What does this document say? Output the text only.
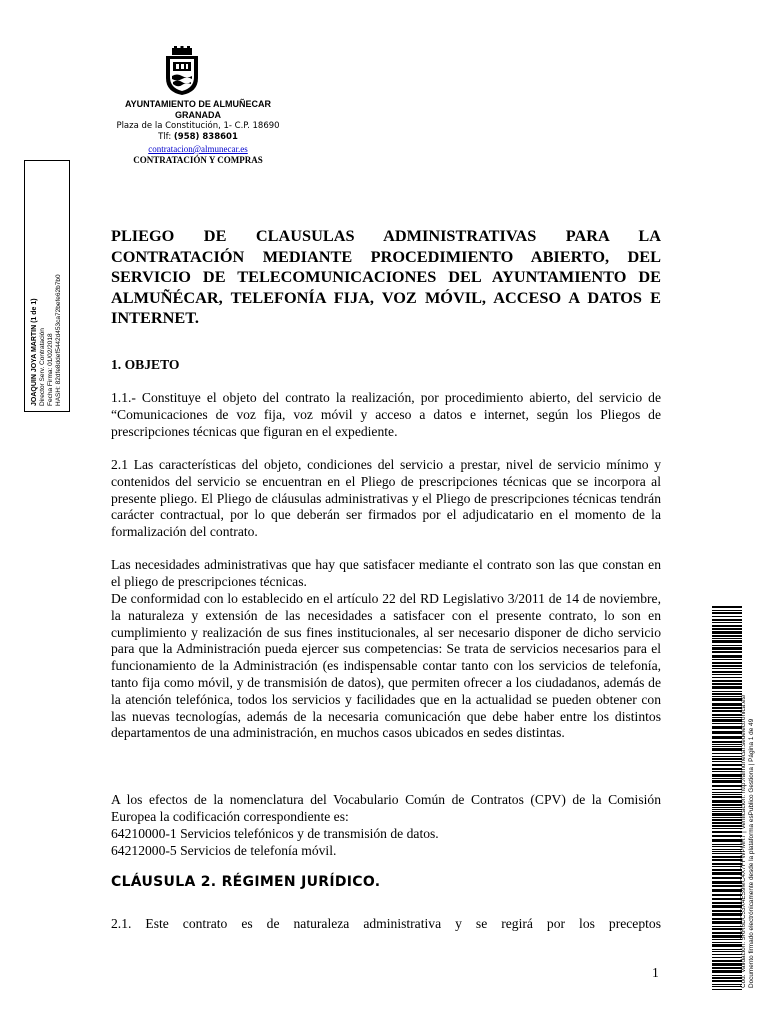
AYUNTAMIENTO DE ALMUÑECAR
GRANADA
Plaza de la Constitución, 1- C.P. 18690
Tlf: (958) 838601
contratacion@almunecar.es
CONTRATACIÓN Y COMPRAS
JOAQUIN JOYA MARTIN (1 de 1) Director Serv. Contratación Fecha Firma: 01/02/2018 HASH: 82dfe8ddef5442d453ca72befe62b7b0
PLIEGO DE CLAUSULAS ADMINISTRATIVAS PARA LA CONTRATACIÓN MEDIANTE PROCEDIMIENTO ABIERTO, DEL SERVICIO DE TELECOMUNICACIONES DEL AYUNTAMIENTO DE ALMUÑÉCAR, TELEFONÍA FIJA, VOZ MÓVIL, ACCESO A DATOS E INTERNET.
1. OBJETO
1.1.- Constituye el objeto del contrato la realización, por procedimiento abierto, del servicio de “Comunicaciones de voz fija, voz móvil y acceso a datos e internet, según los Pliegos de prescripciones técnicas que figuran en el expediente.
2.1 Las características del objeto, condiciones del servicio a prestar, nivel de servicio mínimo y contenidos del servicio se encuentran en el Pliego de prescripciones técnicas que se incorpora al presente pliego. El Pliego de cláusulas administrativas y el Pliego de prescripciones técnicas tendrán carácter contractual, por lo que deberán ser firmados por el adjudicatario en el momento de la formalización del contrato.
Las necesidades administrativas que hay que satisfacer mediante el contrato son las que constan en el pliego de prescripciones técnicas.
De conformidad con lo establecido en el artículo 22 del RD Legislativo 3/2011 de 14 de noviembre, la naturaleza y extensión de las necesidades a satisfacer con el presente contrato, lo son en cumplimiento y realización de sus fines institucionales, al ser necesario disponer de dicho servicio para que la Administración pueda ejercer sus competencias: Se trata de servicios necesarios para el funcionamiento de la Administración (es indispensable contar tanto con los servicios de telefonía, tanto fija como móvil, y de transmisión de datos), que permiten ofrecer a los ciudadanos, además de la atención telefónica, todos los servicios y facilidades que en la actualidad se pueden obtener con las nuevas tecnologías, además de la necesaria comunicación que debe haber entre los distintos departamentos de una administración, en muchos casos ubicados en sedes distintas.
A los efectos de la nomenclatura del Vocabulario Común de Contratos (CPV) de la Comisión Europea la codificación correspondiente es:
64210000-1 Servicios telefónicos y de transmisión de datos.
64212000-5 Servicios de telefonía móvil.
CLÁUSULA 2. RÉGIMEN JURÍDICO.
2.1. Este contrato es de naturaleza administrativa y se regirá por los preceptos
1	Cód. Validación: 5RR6DC53X4ES9MC4X7FFWPMR7 | Verificación: http://almunecar.sedelectronica.es/ Documento firmado electrónicamente desde la plataforma esPublico Gestiona | Página 1 de 49
